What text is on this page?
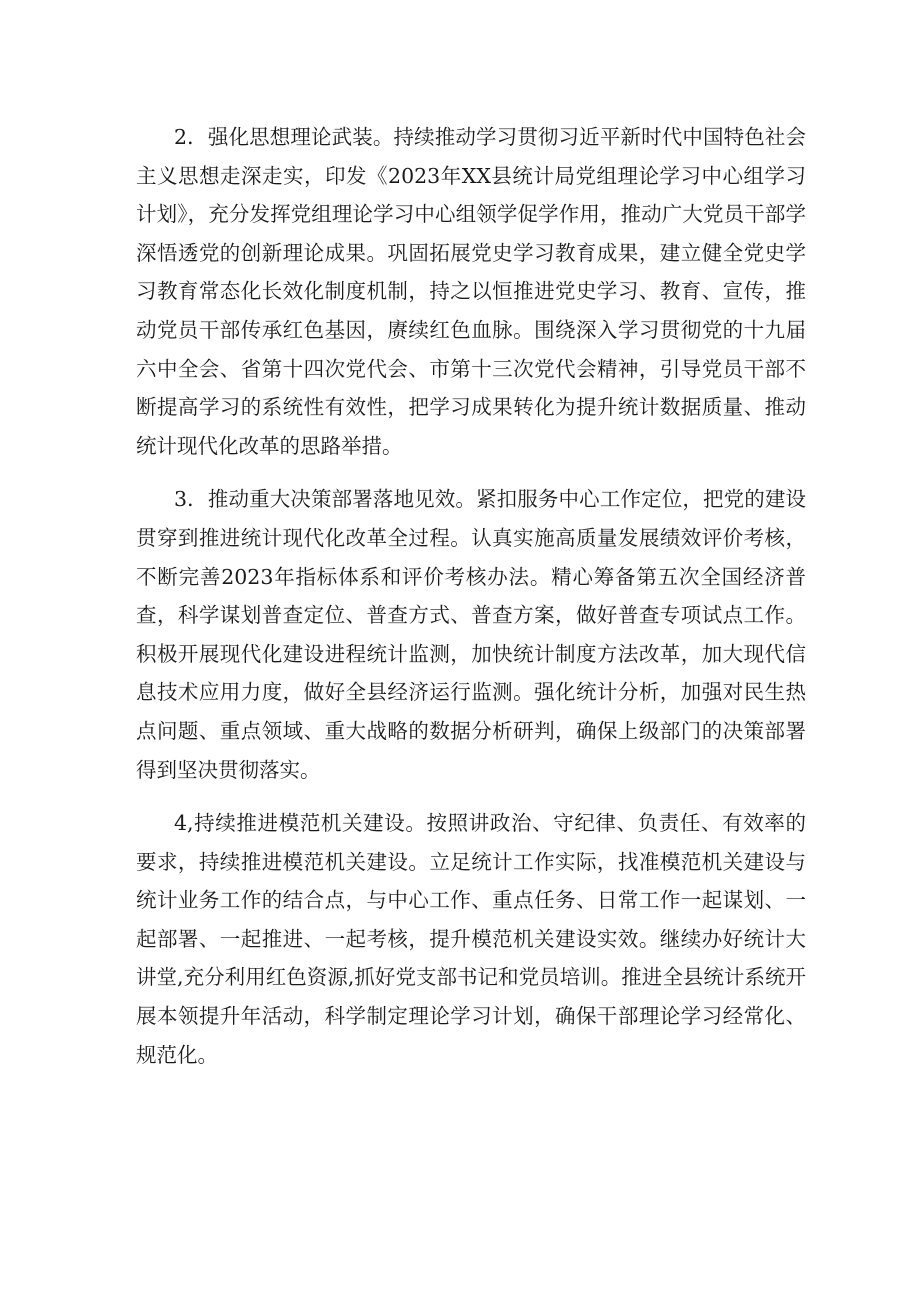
2．强化思想理论武装。持续推动学习贯彻习近平新时代中国特色社会主义思想走深走实，印发《2023年XX县统计局党组理论学习中心组学习计划》，充分发挥党组理论学习中心组领学促学作用，推动广大党员干部学深悟透党的创新理论成果。巩固拓展党史学习教育成果，建立健全党史学习教育常态化长效化制度机制，持之以恒推进党史学习、教育、宣传，推动党员干部传承红色基因，赓续红色血脉。围绕深入学习贯彻党的十九届六中全会、省第十四次党代会、市第十三次党代会精神，引导党员干部不断提高学习的系统性有效性，把学习成果转化为提升统计数据质量、推动统计现代化改革的思路举措。

3．推动重大决策部署落地见效。紧扣服务中心工作定位，把党的建设贯穿到推进统计现代化改革全过程。认真实施高质量发展绩效评价考核，不断完善2023年指标体系和评价考核办法。精心筹备第五次全国经济普查，科学谋划普查定位、普查方式、普查方案，做好普查专项试点工作。积极开展现代化建设进程统计监测，加快统计制度方法改革，加大现代信息技术应用力度，做好全县经济运行监测。强化统计分析，加强对民生热点问题、重点领域、重大战略的数据分析研判，确保上级部门的决策部署得到坚决贯彻落实。

4,持续推进模范机关建设。按照讲政治、守纪律、负责任、有效率的要求，持续推进模范机关建设。立足统计工作实际，找准模范机关建设与统计业务工作的结合点，与中心工作、重点任务、日常工作一起谋划、一起部署、一起推进、一起考核，提升模范机关建设实效。继续办好统计大讲堂,充分利用红色资源,抓好党支部书记和党员培训。推进全县统计系统开展本领提升年活动，科学制定理论学习计划，确保干部理论学习经常化、规范化。
